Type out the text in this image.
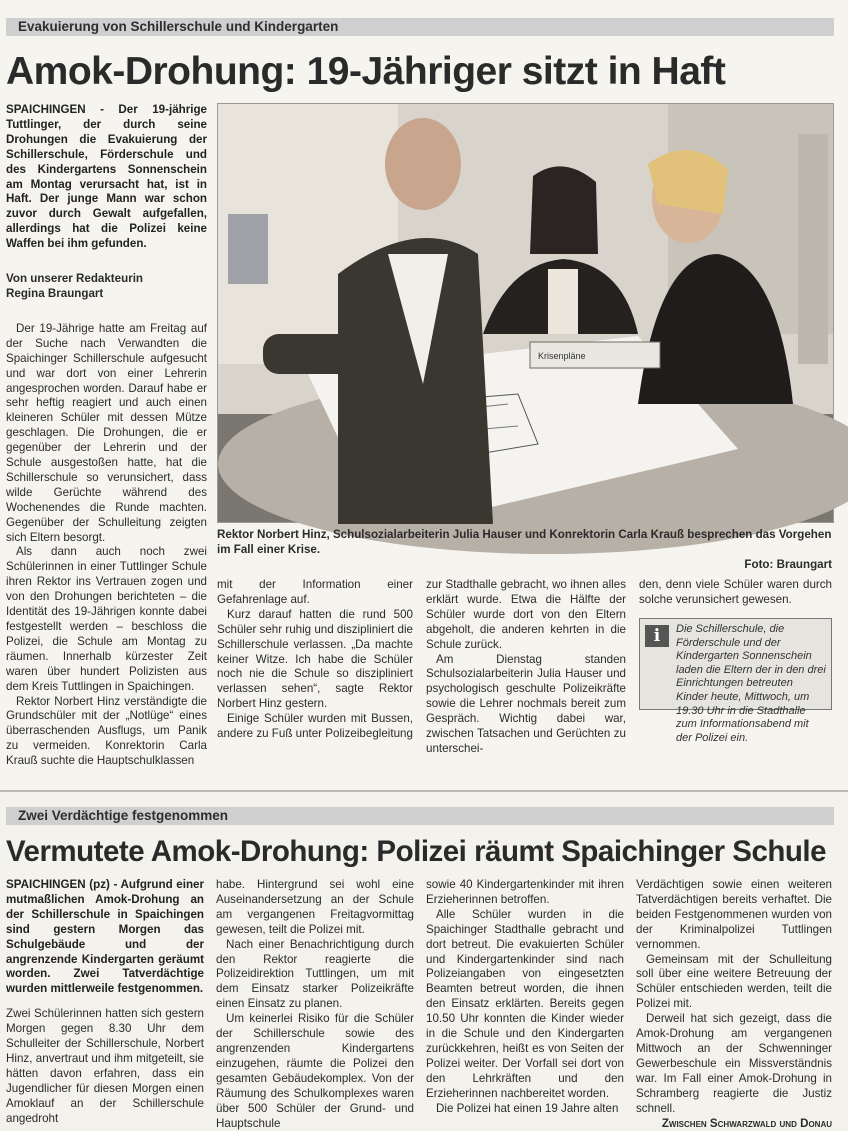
Evakuierung von Schillerschule und Kindergarten
Amok-Drohung: 19-Jähriger sitzt in Haft
SPAICHINGEN - Der 19-jährige Tuttlinger, der durch seine Drohungen die Evakuierung der Schillerschule, Förderschule und des Kindergartens Sonnenschein am Montag verursacht hat, ist in Haft. Der junge Mann war schon zuvor durch Gewalt aufgefallen, allerdings hat die Polizei keine Waffen bei ihm gefunden.
Von unserer Redakteurin
Regina Braungart

Der 19-Jährige hatte am Freitag auf der Suche nach Verwandten die Spaichinger Schillerschule aufgesucht und war dort von einer Lehrerin angesprochen worden. Darauf habe er sehr heftig reagiert und auch einen kleineren Schüler mit dessen Mütze geschlagen. Die Drohungen, die er gegenüber der Lehrerin und der Schule ausgestoßen hatte, hat die Schillerschule so verunsichert, dass wilde Gerüchte während des Wochenendes die Runde machten. Gegenüber der Schulleitung zeigten sich Eltern besorgt.

Als dann auch noch zwei Schülerinnen in einer Tuttlinger Schule ihren Rektor ins Vertrauen zogen und von den Drohungen berichteten – die Identität des 19-Jährigen konnte dabei festgestellt werden – beschloss die Polizei, die Schule am Montag zu räumen. Innerhalb kürzester Zeit waren über hundert Polizisten aus dem Kreis Tuttlingen in Spaichingen.

Rektor Norbert Hinz verständigte die Grundschüler mit der „Notlüge“ eines überraschenden Ausflugs, um Panik zu vermeiden. Konrektorin Carla Krauß suchte die Hauptschulklassen

Krisenpläne
Rektor Norbert Hinz, Schulsozialarbeiterin Julia Hauser und Konrektorin Carla Krauß besprechen das Vorgehen im Fall einer Krise.
Foto: Braungart

mit der Information einer Gefahrenlage auf.

Kurz darauf hatten die rund 500 Schüler sehr ruhig und diszipliniert die Schillerschule verlassen. „Da machte keiner Witze. Ich habe die Schüler noch nie die Schule so diszipliniert verlassen sehen“, sagte Rektor Norbert Hinz gestern.

Einige Schüler wurden mit Bussen, andere zu Fuß unter Polizeibegleitung

zur Stadthalle gebracht, wo ihnen alles erklärt wurde. Etwa die Hälfte der Schüler wurde dort von den Eltern abgeholt, die anderen kehrten in die Schule zurück.

Am Dienstag standen Schulsozialarbeiterin Julia Hauser und psychologisch geschulte Polizeikräfte sowie die Lehrer nochmals bereit zum Gespräch. Wichtig dabei war, zwischen Tatsachen und Gerüchten zu unterschei-

den, denn viele Schüler waren durch solche verunsichert gewesen.

i	Die Schillerschule, die Förderschule und der Kindergarten Sonnenschein laden die Eltern der in den drei Einrichtungen betreuten Kinder heute, Mittwoch, um 19.30 Uhr in die Stadthalle zum Informationsabend mit der Polizei ein.
Zwei Verdächtige festgenommen
Vermutete Amok-Drohung: Polizei räumt Spaichinger Schule
SPAICHINGEN (pz) - Aufgrund einer mutmaßlichen Amok-Drohung an der Schillerschule in Spaichingen sind gestern Morgen das Schulgebäude und der angrenzende Kindergarten geräumt worden. Zwei Tatverdächtige wurden mittlerweile festgenommen.

Zwei Schülerinnen hatten sich gestern Morgen gegen 8.30 Uhr dem Schulleiter der Schillerschule, Norbert Hinz, anvertraut und ihm mitgeteilt, sie hätten davon erfahren, dass ein Jugendlicher für diesen Morgen einen Amoklauf an der Schillerschule angedroht

habe. Hintergrund sei wohl eine Auseinandersetzung an der Schule am vergangenen Freitagvormittag gewesen, teilt die Polizei mit.

Nach einer Benachrichtigung durch den Rektor reagierte die Polizeidirektion Tuttlingen, um mit dem Einsatz starker Polizeikräfte einen Einsatz zu planen.

Um keinerlei Risiko für die Schüler der Schillerschule sowie des angrenzenden Kindergartens einzugehen, räumte die Polizei den gesamten Gebäudekomplex. Von der Räumung des Schulkomplexes waren über 500 Schüler der Grund- und Hauptschule

sowie 40 Kindergartenkinder mit ihren Erzieherinnen betroffen.

Alle Schüler wurden in die Spaichinger Stadthalle gebracht und dort betreut. Die evakuierten Schüler und Kindergartenkinder sind nach Polizeiangaben von eingesetzten Beamten betreut worden, die ihnen den Einsatz erklärten. Bereits gegen 10.50 Uhr konnten die Kinder wieder in die Schule und den Kindergarten zurückkehren, heißt es von Seiten der Polizei weiter. Der Vorfall sei dort von den Lehrkräften und den Erzieherinnen nachbereitet worden.

Die Polizei hat einen 19 Jahre alten

Verdächtigen sowie einen weiteren Tatverdächtigen bereits verhaftet. Die beiden Festgenommenen wurden von der Kriminalpolizei Tuttlingen vernommen.

Gemeinsam mit der Schulleitung soll über eine weitere Betreuung der Schüler entschieden werden, teilt die Polizei mit.

Derweil hat sich gezeigt, dass die Amok-Drohung am vergangenen Mittwoch an der Schwenninger Gewerbeschule ein Missverständnis war. Im Fall einer Amok-Drohung in Schramberg reagierte die Justiz schnell.

Zwischen Schwarzwald und Donau
